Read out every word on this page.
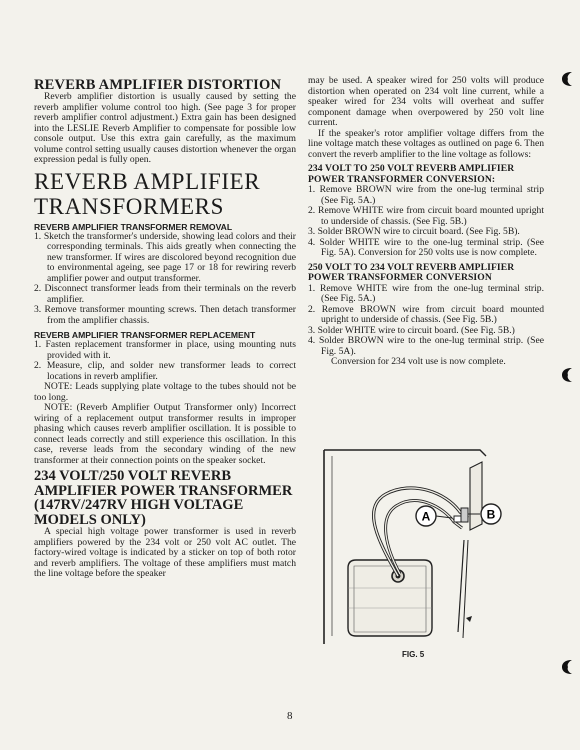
REVERB AMPLIFIER DISTORTION

Reverb amplifier distortion is usually caused by setting the reverb amplifier volume control too high. (See page 3 for proper reverb amplifier control adjustment.) Extra gain has been designed into the LESLIE Reverb Amplifier to compensate for possible low console output. Use this extra gain carefully, as the maximum volume control setting usually causes distortion whenever the organ expression pedal is fully open.

REVERB AMPLIFIER TRANSFORMERS
REVERB AMPLIFIER TRANSFORMER REMOVAL
1. Sketch the transformer's underside, showing lead colors and their corresponding terminals. This aids greatly when connecting the new transformer. If wires are discolored beyond recognition due to environmental ageing, see page 17 or 18 for rewiring reverb amplifier power and output transformer.
2. Disconnect transformer leads from their terminals on the reverb amplifier.
3. Remove transformer mounting screws. Then detach transformer from the amplifier chassis.
REVERB AMPLIFIER TRANSFORMER REPLACEMENT
1. Fasten replacement transformer in place, using mounting nuts provided with it.
2. Measure, clip, and solder new transformer leads to correct locations in reverb amplifier.

NOTE: Leads supplying plate voltage to the tubes should not be too long.

NOTE: (Reverb Amplifier Output Transformer only) Incorrect wiring of a replacement output transformer results in improper phasing which causes reverb amplifier oscillation. It is possible to connect leads correctly and still experience this oscillation. In this case, reverse leads from the secondary winding of the new transformer at their connection points on the speaker socket.

234 VOLT/250 VOLT REVERB AMPLIFIER POWER TRANSFORMER (147RV/247RV HIGH VOLTAGE MODELS ONLY)

A special high voltage power transformer is used in reverb amplifiers powered by the 234 volt or 250 volt AC outlet. The factory-wired voltage is indicated by a sticker on top of both rotor and reverb amplifiers. The voltage of these amplifiers must match the line voltage before the speaker

may be used. A speaker wired for 250 volts will produce distortion when operated on 234 volt line current, while a speaker wired for 234 volts will overheat and suffer component damage when overpowered by 250 volt line current.

If the speaker's rotor amplifier voltage differs from the line voltage match these voltages as outlined on page 6. Then convert the reverb amplifier to the line voltage as follows:

234 VOLT TO 250 VOLT REVERB AMPLIFIER POWER TRANSFORMER CONVERSION:
1. Remove BROWN wire from the one-lug terminal strip (See Fig. 5A.)
2. Remove WHITE wire from circuit board mounted upright to underside of chassis. (See Fig. 5B.)
3. Solder BROWN wire to circuit board. (See Fig. 5B).
4. Solder WHITE wire to the one-lug terminal strip. (See Fig. 5A). Conversion for 250 volts use is now complete.
250 VOLT TO 234 VOLT REVERB AMPLIFIER POWER TRANSFORMER CONVERSION
1. Remove WHITE wire from the one-lug terminal strip. (See Fig. 5A.)
2. Remove BROWN wire from circuit board mounted upright to underside of chassis. (See Fig. 5B.)
3. Solder WHITE wire to circuit board. (See Fig. 5B.)
4. Solder BROWN wire to the one-lug terminal strip. (See Fig. 5A).

Conversion for 234 volt use is now complete.

A	B
FIG. 5
8
